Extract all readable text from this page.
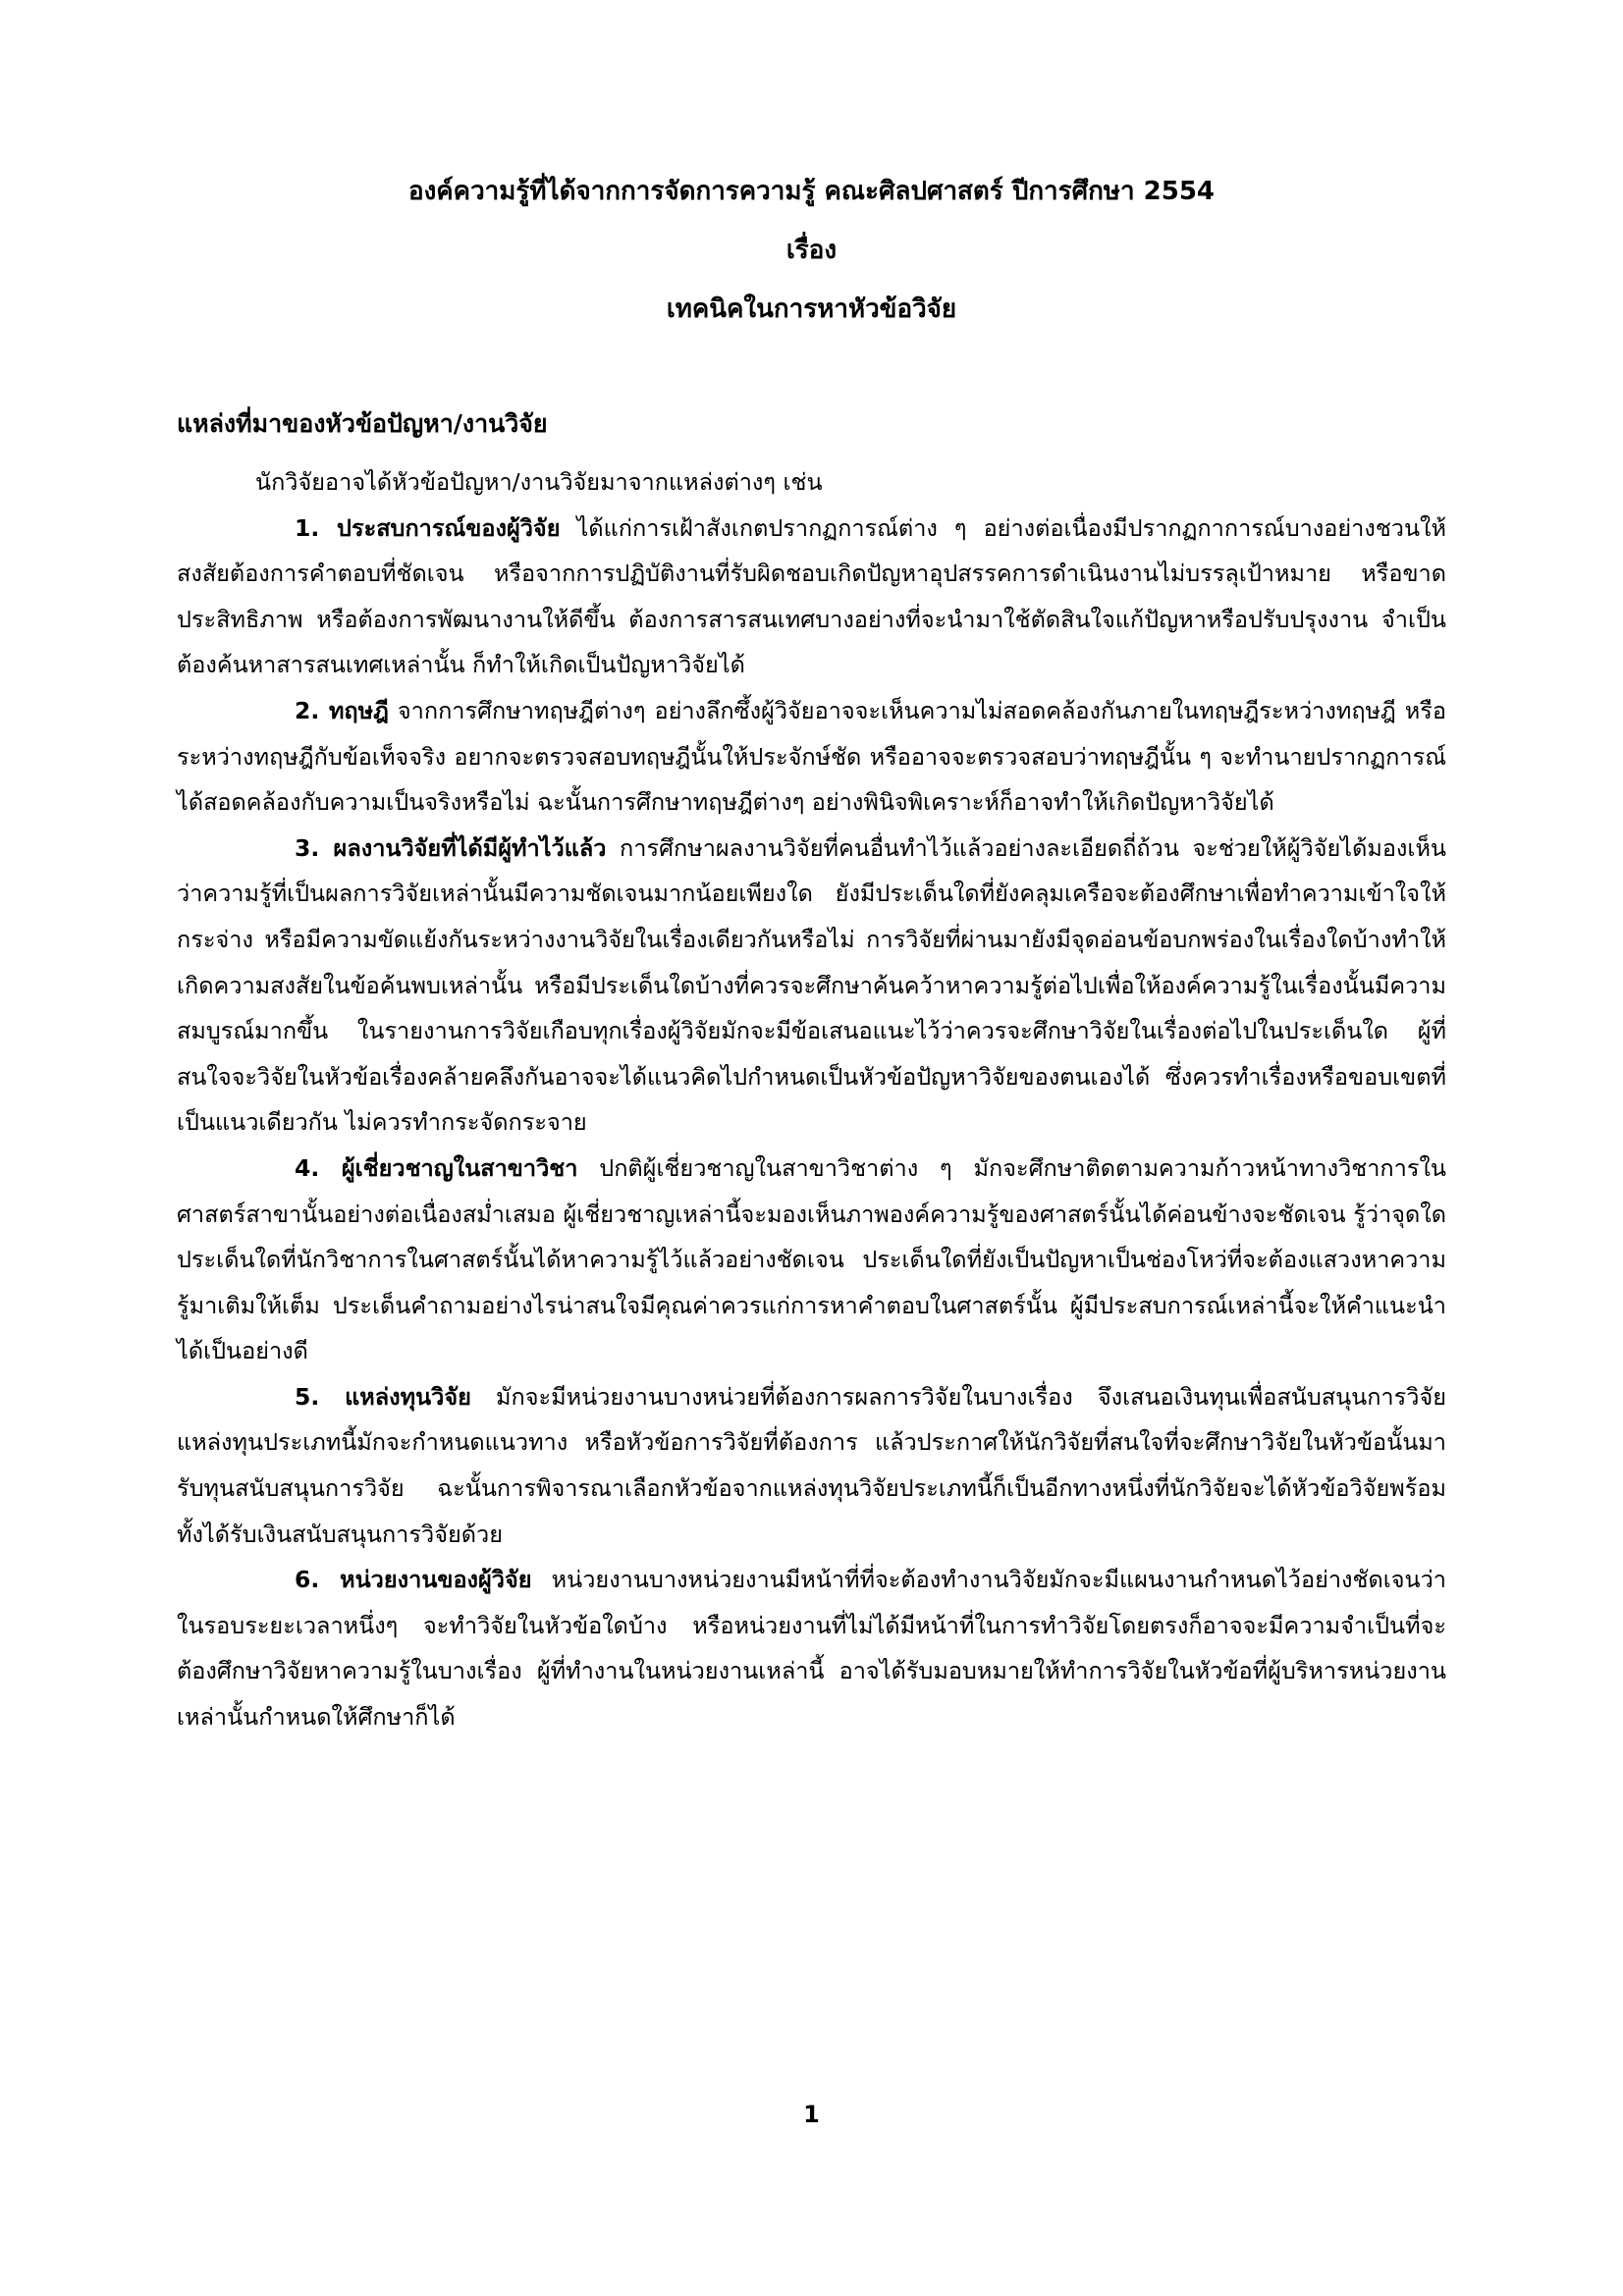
องค์ความรู้ที่ได้จากการจัดการความรู้ คณะศิลปศาสตร์ ปีการศึกษา 2554
เรื่อง
เทคนิคในการหาหัวข้อวิจัย
แหล่งที่มาของหัวข้อปัญหา/งานวิจัย

นักวิจัยอาจได้หัวข้อปัญหา/งานวิจัยมาจากแหล่งต่างๆ เช่น

1. ประสบการณ์ของผู้วิจัย ได้แก่การเฝ้าสังเกตปรากฏการณ์ต่าง ๆ อย่างต่อเนื่องมีปรากฏกาการณ์บางอย่างชวนให้สงสัยต้องการคำตอบที่ชัดเจน หรือจากการปฏิบัติงานที่รับผิดชอบเกิดปัญหาอุปสรรคการดำเนินงานไม่บรรลุเป้าหมาย หรือขาดประสิทธิภาพ หรือต้องการพัฒนางานให้ดีขึ้น ต้องการสารสนเทศบางอย่างที่จะนำมาใช้ตัดสินใจแก้ปัญหาหรือปรับปรุงงาน จำเป็นต้องค้นหาสารสนเทศเหล่านั้น ก็ทำให้เกิดเป็นปัญหาวิจัยได้

2. ทฤษฎี จากการศึกษาทฤษฎีต่างๆ อย่างลึกซึ้งผู้วิจัยอาจจะเห็นความไม่สอดคล้องกันภายในทฤษฎีระหว่างทฤษฎี หรือระหว่างทฤษฎีกับข้อเท็จจริง อยากจะตรวจสอบทฤษฎีนั้นให้ประจักษ์ชัด หรืออาจจะตรวจสอบว่าทฤษฎีนั้น ๆ จะทำนายปรากฏการณ์ได้สอดคล้องกับความเป็นจริงหรือไม่ ฉะนั้นการศึกษาทฤษฎีต่างๆ อย่างพินิจพิเคราะห์ก็อาจทำให้เกิดปัญหาวิจัยได้

3. ผลงานวิจัยที่ได้มีผู้ทำไว้แล้ว การศึกษาผลงานวิจัยที่คนอื่นทำไว้แล้วอย่างละเอียดถี่ถ้วน จะช่วยให้ผู้วิจัยได้มองเห็นว่าความรู้ที่เป็นผลการวิจัยเหล่านั้นมีความชัดเจนมากน้อยเพียงใด ยังมีประเด็นใดที่ยังคลุมเครือจะต้องศึกษาเพื่อทำความเข้าใจให้กระจ่าง หรือมีความขัดแย้งกันระหว่างงานวิจัยในเรื่องเดียวกันหรือไม่ การวิจัยที่ผ่านมายังมีจุดอ่อนข้อบกพร่องในเรื่องใดบ้างทำให้เกิดความสงสัยในข้อค้นพบเหล่านั้น หรือมีประเด็นใดบ้างที่ควรจะศึกษาค้นคว้าหาความรู้ต่อไปเพื่อให้องค์ความรู้ในเรื่องนั้นมีความสมบูรณ์มากขึ้น ในรายงานการวิจัยเกือบทุกเรื่องผู้วิจัยมักจะมีข้อเสนอแนะไว้ว่าควรจะศึกษาวิจัยในเรื่องต่อไปในประเด็นใด ผู้ที่สนใจจะวิจัยในหัวข้อเรื่องคล้ายคลึงกันอาจจะได้แนวคิดไปกำหนดเป็นหัวข้อปัญหาวิจัยของตนเองได้ ซึ่งควรทำเรื่องหรือขอบเขตที่เป็นแนวเดียวกัน ไม่ควรทำกระจัดกระจาย

4. ผู้เชี่ยวชาญในสาขาวิชา ปกติผู้เชี่ยวชาญในสาขาวิชาต่าง ๆ มักจะศึกษาติดตามความก้าวหน้าทางวิชาการในศาสตร์สาขานั้นอย่างต่อเนื่องสม่ำเสมอ ผู้เชี่ยวชาญเหล่านี้จะมองเห็นภาพองค์ความรู้ของศาสตร์นั้นได้ค่อนข้างจะชัดเจน รู้ว่าจุดใดประเด็นใดที่นักวิชาการในศาสตร์นั้นได้หาความรู้ไว้แล้วอย่างชัดเจน ประเด็นใดที่ยังเป็นปัญหาเป็นช่องโหว่ที่จะต้องแสวงหาความรู้มาเติมให้เต็ม ประเด็นคำถามอย่างไรน่าสนใจมีคุณค่าควรแก่การหาคำตอบในศาสตร์นั้น ผู้มีประสบการณ์เหล่านี้จะให้คำแนะนำได้เป็นอย่างดี

5. แหล่งทุนวิจัย มักจะมีหน่วยงานบางหน่วยที่ต้องการผลการวิจัยในบางเรื่อง จึงเสนอเงินทุนเพื่อสนับสนุนการวิจัย แหล่งทุนประเภทนี้มักจะกำหนดแนวทาง หรือหัวข้อการวิจัยที่ต้องการ แล้วประกาศให้นักวิจัยที่สนใจที่จะศึกษาวิจัยในหัวข้อนั้นมารับทุนสนับสนุนการวิจัย ฉะนั้นการพิจารณาเลือกหัวข้อจากแหล่งทุนวิจัยประเภทนี้ก็เป็นอีกทางหนึ่งที่นักวิจัยจะได้หัวข้อวิจัยพร้อมทั้งได้รับเงินสนับสนุนการวิจัยด้วย

6. หน่วยงานของผู้วิจัย หน่วยงานบางหน่วยงานมีหน้าที่ที่จะต้องทำงานวิจัยมักจะมีแผนงานกำหนดไว้อย่างชัดเจนว่าในรอบระยะเวลาหนึ่งๆ จะทำวิจัยในหัวข้อใดบ้าง หรือหน่วยงานที่ไม่ได้มีหน้าที่ในการทำวิจัยโดยตรงก็อาจจะมีความจำเป็นที่จะต้องศึกษาวิจัยหาความรู้ในบางเรื่อง ผู้ที่ทำงานในหน่วยงานเหล่านี้ อาจได้รับมอบหมายให้ทำการวิจัยในหัวข้อที่ผู้บริหารหน่วยงานเหล่านั้นกำหนดให้ศึกษาก็ได้

1
